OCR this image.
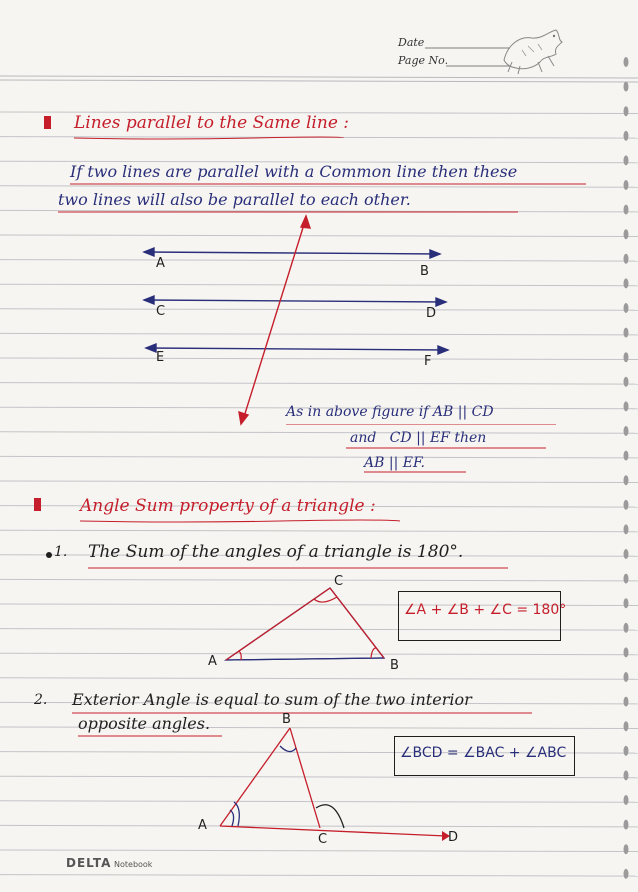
Date
Page No.
Lines parallel to the Same line :
If two lines are parallel with a Common line then these
two lines will also be parallel to each other.
A
B
C	D
E	F
As in above figure if AB || CD
and   CD || EF then
AB || EF.
Angle Sum property of a triangle :
1. The Sum of the angles of a triangle is 180°.
A	B
C
∠A + ∠B + ∠C = 180°
2. Exterior Angle is equal to sum of the two interior
opposite angles.
A
B
C	D
∠BCD = ∠BAC + ∠ABC
DELTA Notebook
